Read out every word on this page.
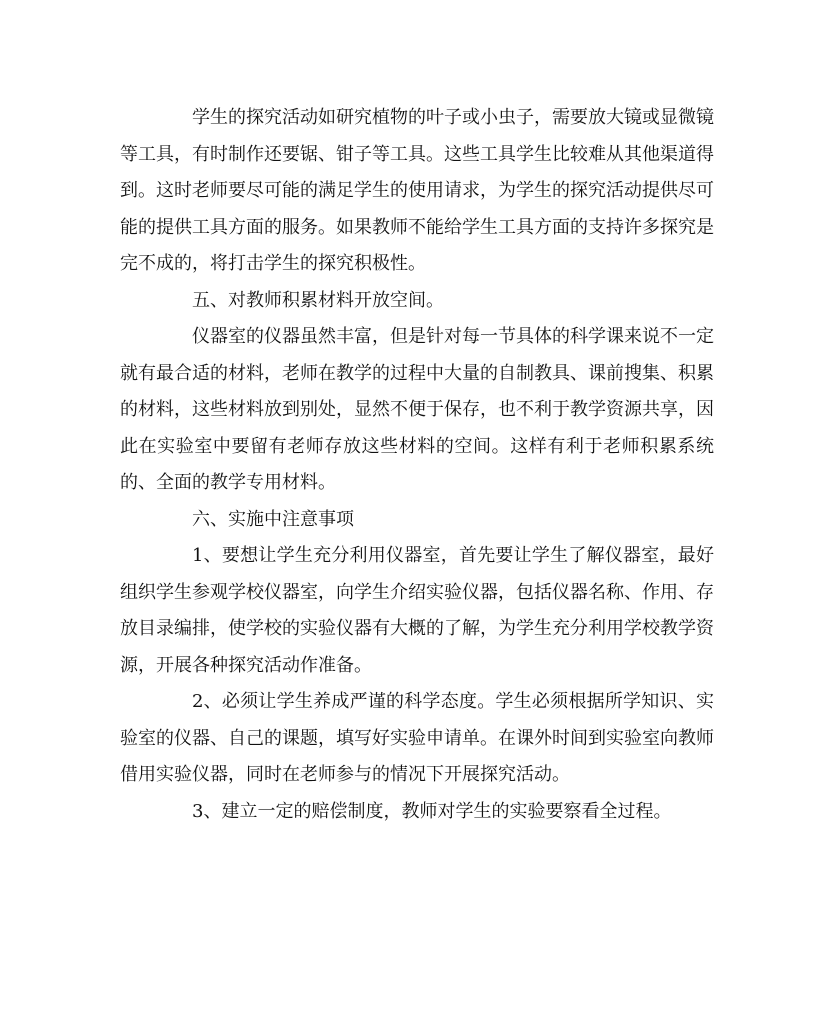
学生的探究活动如研究植物的叶子或小虫子，需要放大镜或显微镜等工具，有时制作还要锯、钳子等工具。这些工具学生比较难从其他渠道得到。这时老师要尽可能的满足学生的使用请求，为学生的探究活动提供尽可能的提供工具方面的服务。如果教师不能给学生工具方面的支持许多探究是完不成的，将打击学生的探究积极性。

五、对教师积累材料开放空间。

仪器室的仪器虽然丰富，但是针对每一节具体的科学课来说不一定就有最合适的材料，老师在教学的过程中大量的自制教具、课前搜集、积累的材料，这些材料放到别处，显然不便于保存，也不利于教学资源共享，因此在实验室中要留有老师存放这些材料的空间。这样有利于老师积累系统的、全面的教学专用材料。

六、实施中注意事项

1、要想让学生充分利用仪器室，首先要让学生了解仪器室，最好组织学生参观学校仪器室，向学生介绍实验仪器，包括仪器名称、作用、存放目录编排，使学校的实验仪器有大概的了解，为学生充分利用学校教学资源，开展各种探究活动作准备。

2、必须让学生养成严谨的科学态度。学生必须根据所学知识、实验室的仪器、自己的课题，填写好实验申请单。在课外时间到实验室向教师借用实验仪器，同时在老师参与的情况下开展探究活动。

3、建立一定的赔偿制度，教师对学生的实验要察看全过程。
